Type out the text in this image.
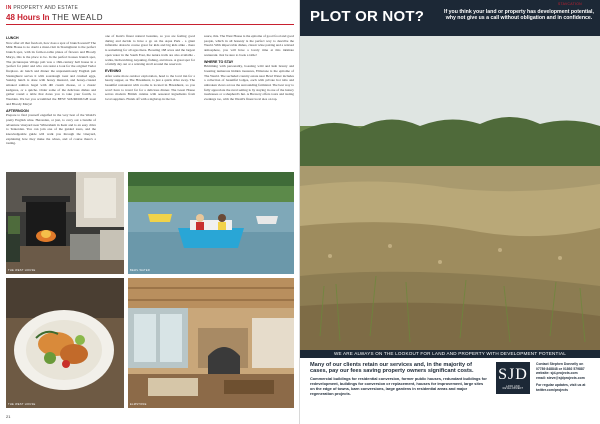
IN PROPERTY AND ESTATE
48 Hours In THE WEALD
LUNCH

Now after all that fresh air, how does a spot of brunch sound? The Milk House is no doubt a must-visit in Sissinghurst is the perfect brunch spot, with its farm-to-table plates of flowers and Bloody Marys, this is the place to be. In the perfect houses brunch spot, The picturesque village pub was a 16th-century hall house in a 'perfect for pints' and who can resist a look for the original Tudor fireplace. At lunch and dinner the unpretentiously English pub Sissinghurst serves it with sourdough toast and crushed eggs, Sunday lunch is done with honey mustard, and honey-crusted smoked salmon bagel with dill cream cheese, or a classic kedgeree, or a quiche. Order some of the delicious dishes and gather round a table that dares you to take your fourth, to Wealden. We bet you scrambled the BEST SOURDOUGH toast and Bloody Marys!

AFTERNOON

Prepare to find yourself engulfed in the very best of the Weald's pretty English wine. Heronden, or just, to carry out a bundle of adventure vineyard near Wittersham in Kent and is an easy drive to Tenterden. You can join one of the guided tours, and the knowledgeable guide will walk you through the vineyard, explaining how they make the wines, and of course there's a tasting.

one of Kent's finest natural beauties, so you are feeling good during and decide to have a go on the Aqua Park - a giant inflatable obstacle course great for kids and big kids alike - there is something for all ages there. Boasting 168 acres and the largest open water in the South East, the nature trails are also available - walks, birdwatching, kayaking, fishing, and more. A great spot for a family day out or a relaxing stroll around the reservoir.

EVENING

After some more outdoor exploration, head to the local inn for a hearty supper, as The Hawkhurst, is just a quick drive away. The beautiful restaurant with rooms is located in Hawkhurst, so you won't have to travel far for a delicious dinner. The Great House serves modern British cuisine with seasonal ingredients from local suppliers. Finish off with a nightcap in the bar.

sauce, this. The West House is the epitome of good food and good people, which in all honesty is the perfect way to describe the Weald. With impeccable dishes, classic wine pairing and a relaxed atmosphere, you will have a lovely time at this intimate restaurant. Just be sure to book a table!

WHERE TO STAY

Brimming with personality, boasting wild and lush luxury and boasting numerous hidden treasures, Elmstone is the epitome of The Weald. The secluded country estate near Bewl Water includes a collection of beautiful lodges, each with private hot tubs and unbroken views across the surrounding farmland. The best way to fully appreciate the rural setting is by staying in one of the luxury treehouses or a shepherd's hut. A Brewery offers tours and tasting evenings too, with the Weald's finest local ales on tap.

THE WEST HOUSE	BEWL WATER
THE WEST HOUSE	ELMSTONE
21
STAVCATION
PLOT OR NOT?	If you think your land or property has development potential, why not give us a call without obligation and in confidence.
WE ARE ALWAYS ON THE LOOKOUT FOR LAND AND PROPERTY WITH DEVELOPMENT POTENTIAL
Many of our clients retain our services and, in the majority of cases, pay our fees saving property owners significant costs.
Commercial buildings for residential conversion, former public houses, redundant buildings for redevelopment, buildings for conversion or replacement, houses for improvement, large sites on the edge of towns, barn conversions, large gardens in residential areas and major regeneration projects.
SJD
LAND AND DEVELOPMENT
Contact Stephen Donnelly on
07789 848848 or 01892 579887
website: sjd-projects.com
email: steve@sjdprojects.com
For regular updates, visit us at
twitter.com/projects
